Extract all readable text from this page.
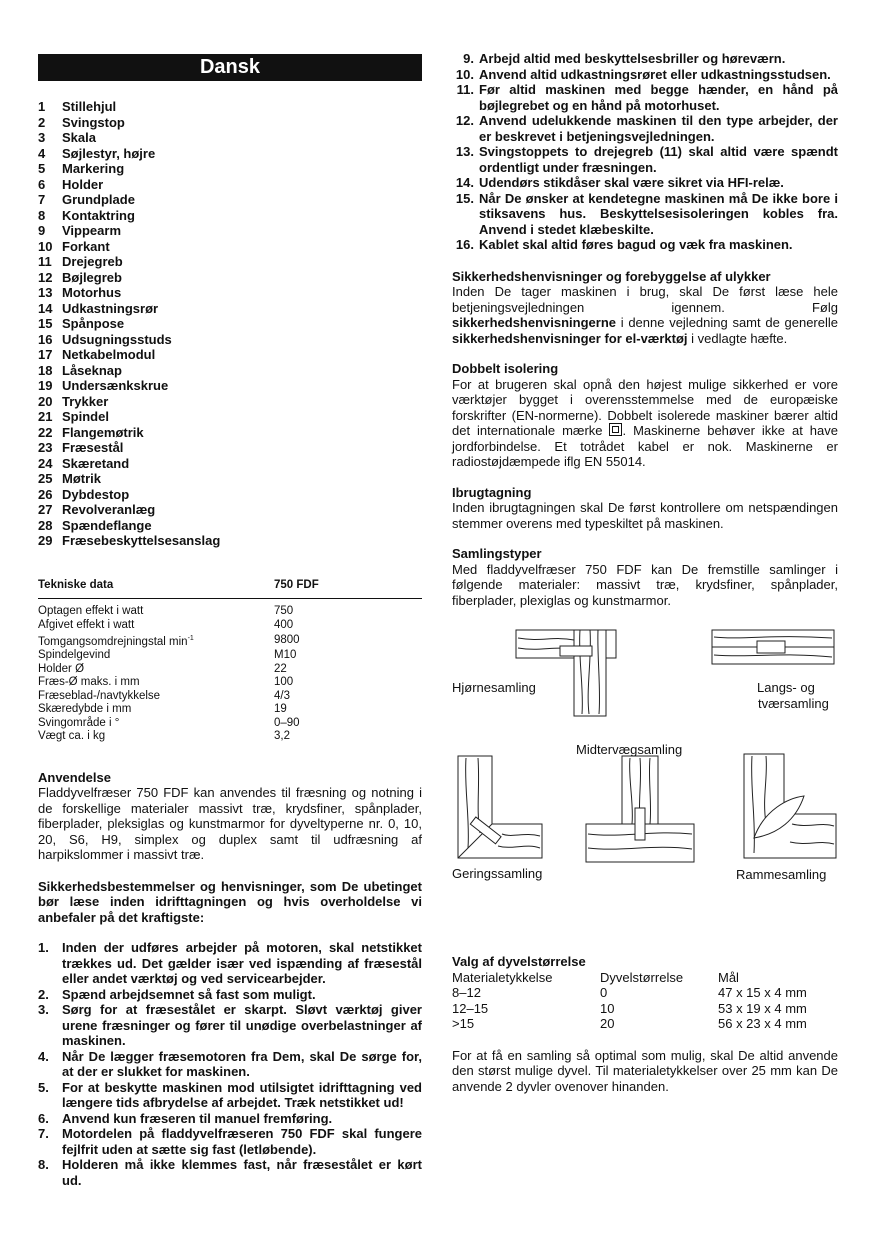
Dansk
1	Stillehjul
2	Svingstop
3	Skala
4	Søjlestyr, højre
5	Markering
6	Holder
7	Grundplade
8	Kontaktring
9	Vippearm
10 Forkant
11 Drejegreb
12 Bøjlegreb
13 Motorhus
14 Udkastningsrør
15 Spånpose
16 Udsugningsstuds
17 Netkabelmodul
18 Låseknap
19 Undersænkskrue
20 Trykker
21 Spindel
22 Flangemøtrik
23 Fræsestål
24 Skæretand
25 Møtrik
26 Dybdestop
27 Revolveranlæg
28 Spændeflange
29 Fræsebeskyttelsesanslag
Tekniske data	750 FDF
Optagen effekt i watt	750
Afgivet effekt i watt	400
Tomgangsomdrejningstal $\min^{-1}$	9800
Spindelgevind	M10
Holder Ø	22
Fræs-Ø maks. i mm	100
Fræseblad-/navtykkelse	4/3
Skæredybde i mm	19
Svingområde i °	0–90
Vægt ca. i kg	3,2
Anvendelse

Fladdyvelfræser 750 FDF kan anvendes til fræsning og notning i de forskellige materialer massivt træ, krydsfiner, spånplader, fiberplader, pleksiglas og kunstmarmor for dyveltyperne nr. 0, 10, 20, S6, H9, simplex og duplex samt til udfræsning af harpikslommer i massivt træ.

Sikkerhedsbestemmelser og henvisninger, som De ubetinget bør læse inden idrifttagningen og hvis overholdelse vi anbefaler på det kraftigste:

1.	Inden der udføres arbejder på motoren, skal netstikket trækkes ud. Det gælder især ved ispænding af fræsestål eller andet værktøj og ved servicearbejder.
2.	Spænd arbejdsemnet så fast som muligt.
3.	Sørg for at fræsestålet er skarpt. Sløvt værktøj giver urene fræsninger og fører til unødige overbelastninger af maskinen.
4.	Når De lægger fræsemotoren fra Dem, skal De sørge for, at der er slukket for maskinen.
5.	For at beskytte maskinen mod utilsigtet idrifttagning ved længere tids afbrydelse af arbejdet. Træk netstikket ud!
6.	Anvend kun fræseren til manuel fremføring.
7.	Motordelen på fladdyvelfræseren 750 FDF skal fungere fejlfrit uden at sætte sig fast (letløbende).
8.	Holderen må ikke klemmes fast, når fræsestålet er kørt ud.
9. Arbejd altid med beskyttelsesbriller og høreværn.
10. Anvend altid udkastningsrøret eller udkastningsstudsen.
11. Før altid maskinen med begge hænder, en hånd på bøjlegrebet og en hånd på motorhuset.
12. Anvend udelukkende maskinen til den type arbejder, der er beskrevet i betjeningsvejledningen.
13. Svingstoppets to drejegreb (11) skal altid være spændt ordentligt under fræsningen.
14. Udendørs stikdåser skal være sikret via HFI-relæ.
15. Når De ønsker at kendetegne maskinen må De ikke bore i stiksavens hus. Beskyttelsesisoleringen kobles fra. Anvend i stedet klæbeskilte.
16. Kablet skal altid føres bagud og væk fra maskinen.
Sikkerhedshenvisninger og forebyggelse af ulykker

Inden De tager maskinen i brug, skal De først læse hele betjeningsvejledningen igennem. Følg sikkerhedshenvisningerne i denne vejledning samt de generelle sikkerhedshenvisninger for el-værktøj i vedlagte hæfte.

Dobbelt isolering

For at brugeren skal opnå den højest mulige sikkerhed er vore værktøjer bygget i overensstemmelse med de europæiske forskrifter (EN-normerne). Dobbelt isolerede maskiner bærer altid det internationale mærke . Maskinerne behøver ikke at have jordforbindelse. Et totrådet kabel er nok. Maskinerne er radiostøjdæmpede iflg EN 55014.

Ibrugtagning

Inden ibrugtagningen skal De først kontrollere om netspændingen stemmer overens med typeskiltet på maskinen.

Samlingstyper

Med fladdyvelfræser 750 FDF kan De fremstille samlinger i følgende materialer: massivt træ, krydsfiner, spånplader, fiberplader, plexiglas og kunstmarmor.

Hjørnesamling	Langs- og
tværsamling
Midtervægsamling
Geringssamling	Rammesamling
Valg af dyvelstørrelse
Materialetykkelse	Dyvelstørrelse	Mål
8–12	0	47 x 15 x 4 mm
12–15	10	53 x 19 x 4 mm
>15	20	56 x 23 x 4 mm

For at få en samling så optimal som mulig, skal De altid anvende den størst mulige dyvel. Til materialetykkelser over 25 mm kan De anvende 2 dyvler ovenover hinanden.
